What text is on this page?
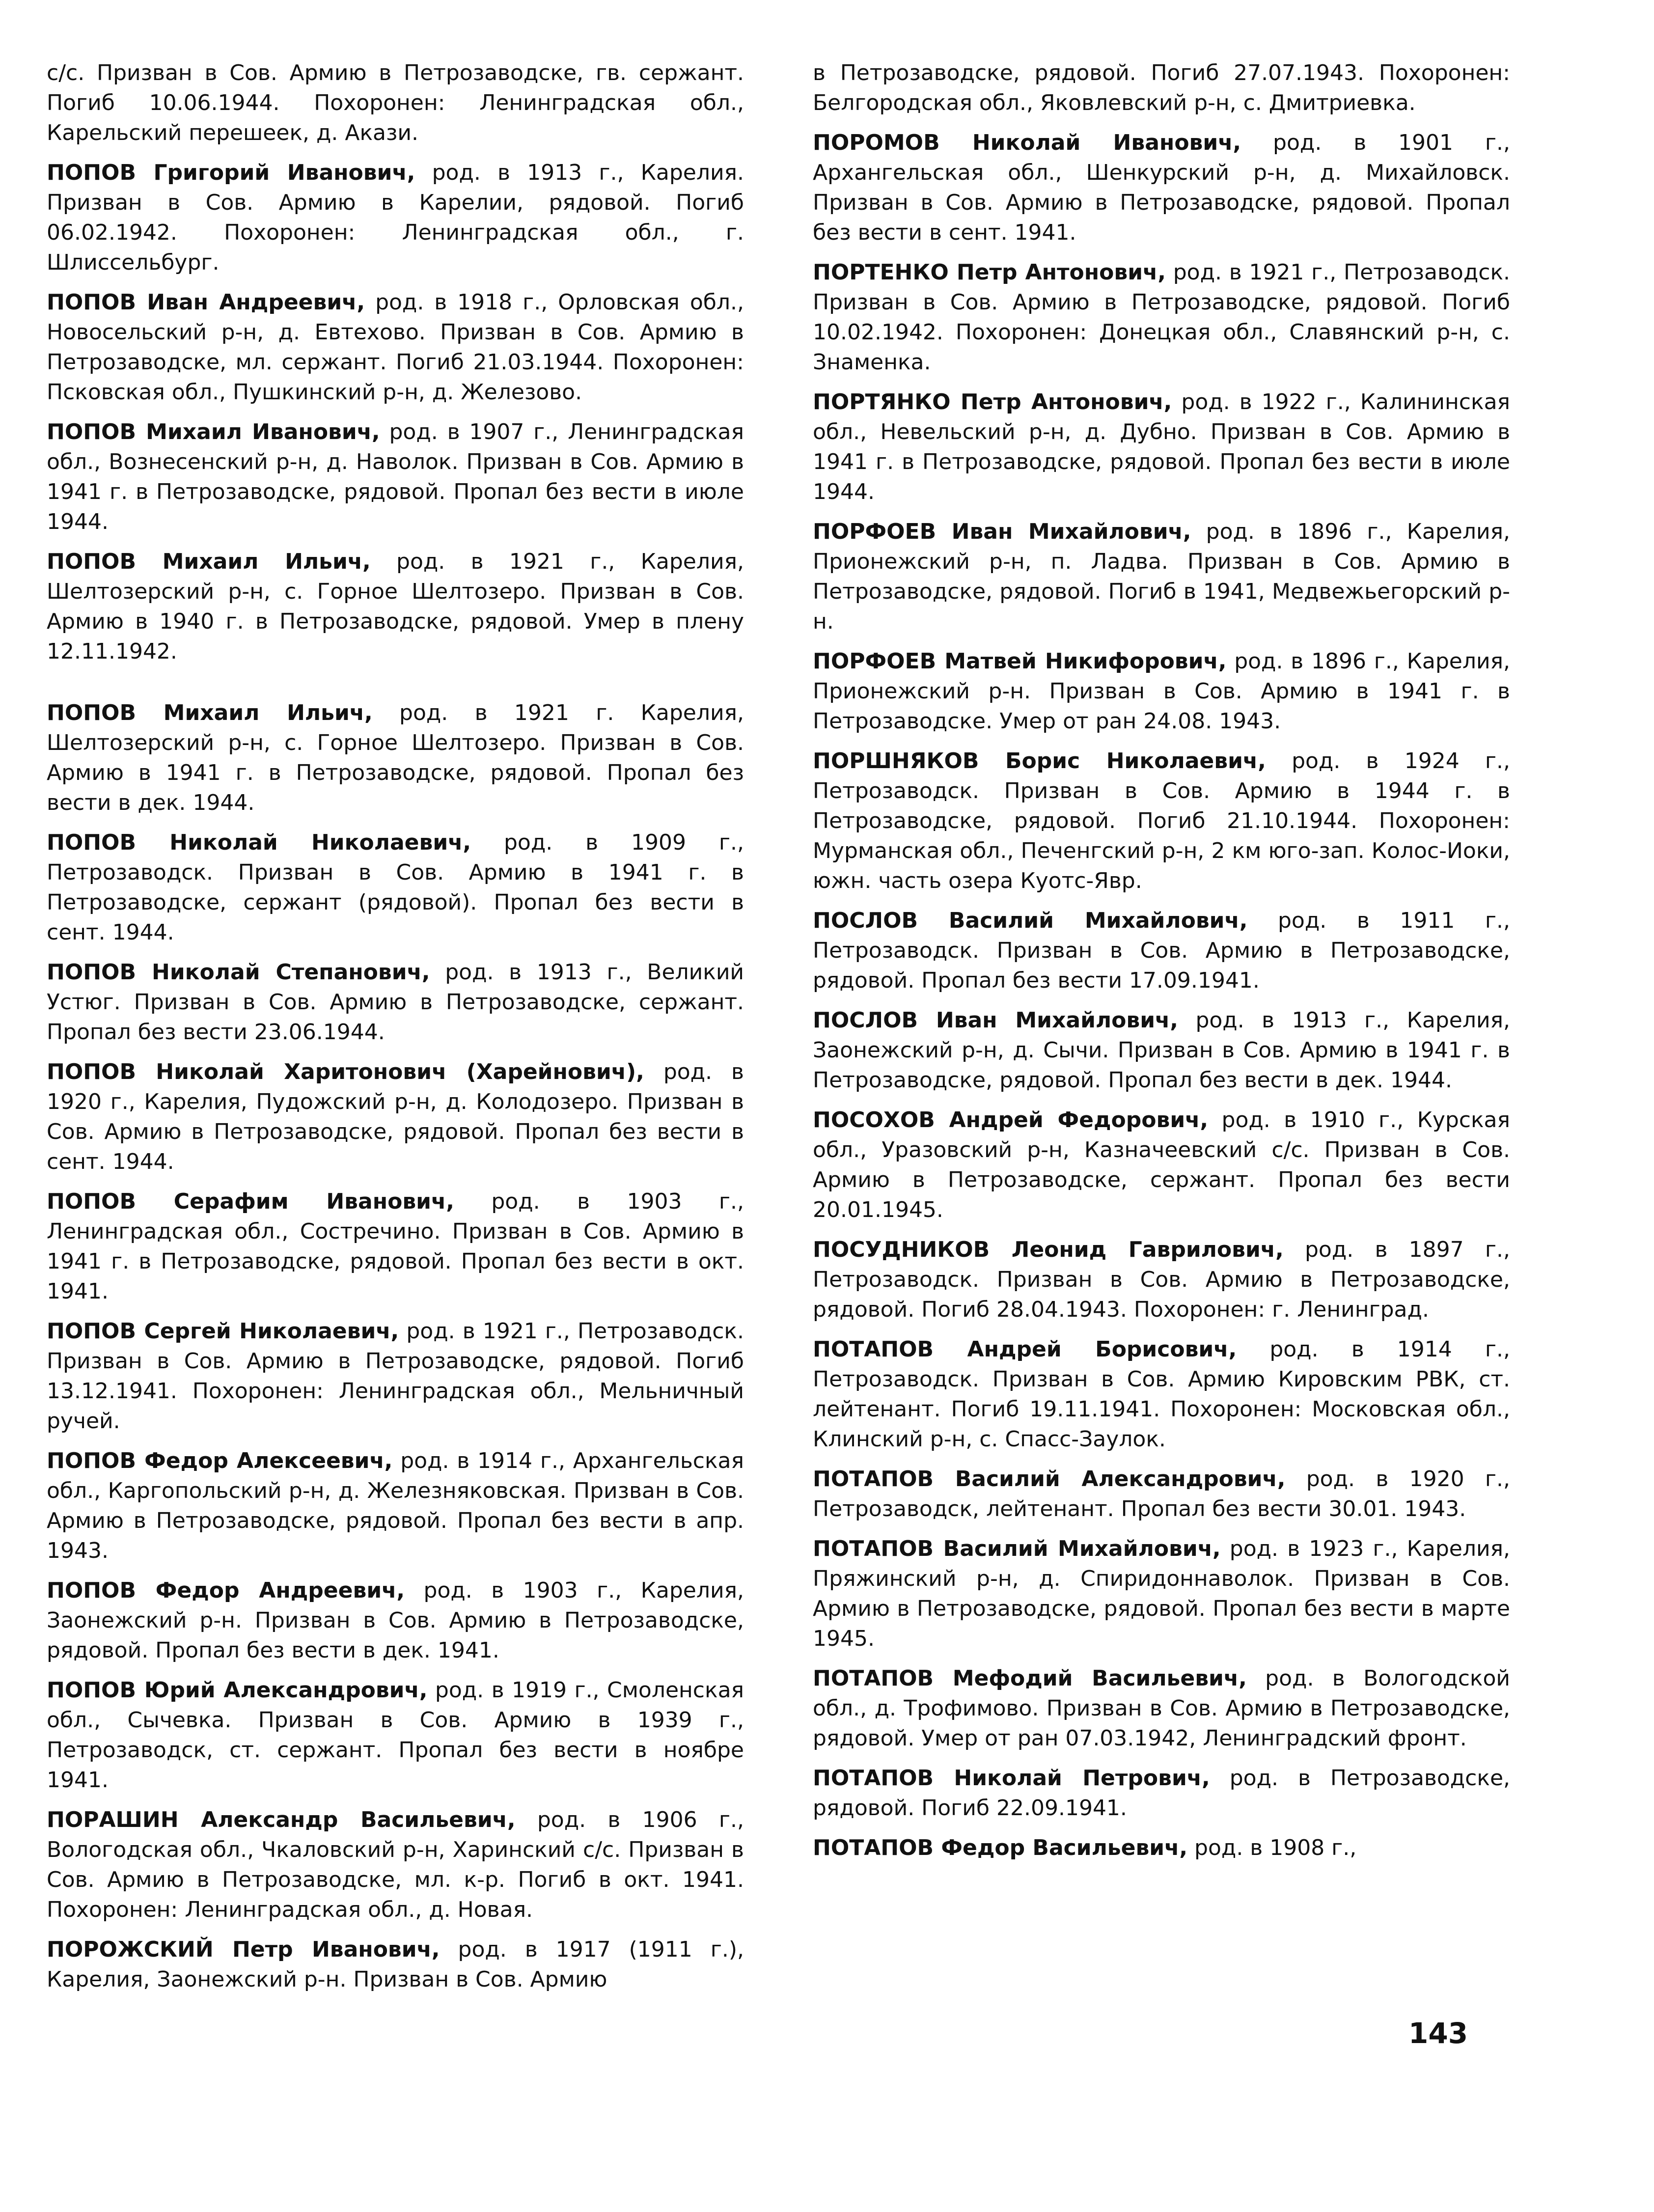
с/с. Призван в Сов. Армию в Петрозаводске, гв. сержант. Погиб 10.06.1944. Похоронен: Ленинградская обл., Карельский перешеек, д. Акази.

ПОПОВ Григорий Иванович, род. в 1913 г., Карелия. Призван в Сов. Армию в Карелии, рядовой. Погиб 06.02.1942. Похоронен: Ленинградская обл., г. Шлиссельбург.

ПОПОВ Иван Андреевич, род. в 1918 г., Орловская обл., Новосельский р-н, д. Евтехово. Призван в Сов. Армию в Петрозаводске, мл. сержант. Погиб 21.03.1944. Похоронен: Псковская обл., Пушкинский р-н, д. Железово.

ПОПОВ Михаил Иванович, род. в 1907 г., Ленинградская обл., Вознесенский р-н, д. Наволок. Призван в Сов. Армию в 1941 г. в Петрозаводске, рядовой. Пропал без вести в июле 1944.

ПОПОВ Михаил Ильич, род. в 1921 г., Карелия, Шелтозерский р-н, с. Горное Шелтозеро. Призван в Сов. Армию в 1940 г. в Петрозаводске, рядовой. Умер в плену 12.11.1942.

ПОПОВ Михаил Ильич, род. в 1921 г. Карелия, Шелтозерский р-н, с. Горное Шелтозеро. Призван в Сов. Армию в 1941 г. в Петрозаводске, рядовой. Пропал без вести в дек. 1944.

ПОПОВ Николай Николаевич, род. в 1909 г., Петрозаводск. Призван в Сов. Армию в 1941 г. в Петрозаводске, сержант (рядовой). Пропал без вести в сент. 1944.

ПОПОВ Николай Степанович, род. в 1913 г., Великий Устюг. Призван в Сов. Армию в Петрозаводске, сержант. Пропал без вести 23.06.1944.

ПОПОВ Николай Харитонович (Харейнович), род. в 1920 г., Карелия, Пудожский р-н, д. Колодозеро. Призван в Сов. Армию в Петрозаводске, рядовой. Пропал без вести в сент. 1944.

ПОПОВ Серафим Иванович, род. в 1903 г., Ленинградская обл., Состречино. Призван в Сов. Армию в 1941 г. в Петрозаводске, рядовой. Пропал без вести в окт. 1941.

ПОПОВ Сергей Николаевич, род. в 1921 г., Петрозаводск. Призван в Сов. Армию в Петрозаводске, рядовой. Погиб 13.12.1941. Похоронен: Ленинградская обл., Мельничный ручей.

ПОПОВ Федор Алексеевич, род. в 1914 г., Архангельская обл., Каргопольский р-н, д. Железняковская. Призван в Сов. Армию в Петрозаводске, рядовой. Пропал без вести в апр. 1943.

ПОПОВ Федор Андреевич, род. в 1903 г., Карелия, Заонежский р-н. Призван в Сов. Армию в Петрозаводске, рядовой. Пропал без вести в дек. 1941.

ПОПОВ Юрий Александрович, род. в 1919 г., Смоленская обл., Сычевка. Призван в Сов. Армию в 1939 г., Петрозаводск, ст. сержант. Пропал без вести в ноябре 1941.

ПОРАШИН Александр Васильевич, род. в 1906 г., Вологодская обл., Чкаловский р-н, Харинский с/с. Призван в Сов. Армию в Петрозаводске, мл. к-р. Погиб в окт. 1941. Похоронен: Ленинградская обл., д. Новая.

ПОРОЖСКИЙ Петр Иванович, род. в 1917 (1911 г.), Карелия, Заонежский р-н. Призван в Сов. Армию

в Петрозаводске, рядовой. Погиб 27.07.1943. Похоронен: Белгородская обл., Яковлевский р-н, с. Дмитриевка.

ПОРОМОВ Николай Иванович, род. в 1901 г., Архангельская обл., Шенкурский р-н, д. Михайловск. Призван в Сов. Армию в Петрозаводске, рядовой. Пропал без вести в сент. 1941.

ПОРТЕНКО Петр Антонович, род. в 1921 г., Петрозаводск. Призван в Сов. Армию в Петрозаводске, рядовой. Погиб 10.02.1942. Похоронен: Донецкая обл., Славянский р-н, с. Знаменка.

ПОРТЯНКО Петр Антонович, род. в 1922 г., Калининская обл., Невельский р-н, д. Дубно. Призван в Сов. Армию в 1941 г. в Петрозаводске, рядовой. Пропал без вести в июле 1944.

ПОРФОЕВ Иван Михайлович, род. в 1896 г., Карелия, Прионежский р-н, п. Ладва. Призван в Сов. Армию в Петрозаводске, рядовой. Погиб в 1941, Медвежьегорский р-н.

ПОРФОЕВ Матвей Никифорович, род. в 1896 г., Карелия, Прионежский р-н. Призван в Сов. Армию в 1941 г. в Петрозаводске. Умер от ран 24.08. 1943.

ПОРШНЯКОВ Борис Николаевич, род. в 1924 г., Петрозаводск. Призван в Сов. Армию в 1944 г. в Петрозаводске, рядовой. Погиб 21.10.1944. Похоронен: Мурманская обл., Печенгский р-н, 2 км юго-зап. Колос-Иоки, южн. часть озера Куотс-Явр.

ПОСЛОВ Василий Михайлович, род. в 1911 г., Петрозаводск. Призван в Сов. Армию в Петрозаводске, рядовой. Пропал без вести 17.09.1941.

ПОСЛОВ Иван Михайлович, род. в 1913 г., Карелия, Заонежский р-н, д. Сычи. Призван в Сов. Армию в 1941 г. в Петрозаводске, рядовой. Пропал без вести в дек. 1944.

ПОСОХОВ Андрей Федорович, род. в 1910 г., Курская обл., Уразовский р-н, Казначеевский с/с. Призван в Сов. Армию в Петрозаводске, сержант. Пропал без вести 20.01.1945.

ПОСУДНИКОВ Леонид Гаврилович, род. в 1897 г., Петрозаводск. Призван в Сов. Армию в Петрозаводске, рядовой. Погиб 28.04.1943. Похоронен: г. Ленинград.

ПОТАПОВ Андрей Борисович, род. в 1914 г., Петрозаводск. Призван в Сов. Армию Кировским РВК, ст. лейтенант. Погиб 19.11.1941. Похоронен: Московская обл., Клинский р-н, с. Спасс-Заулок.

ПОТАПОВ Василий Александрович, род. в 1920 г., Петрозаводск, лейтенант. Пропал без вести 30.01. 1943.

ПОТАПОВ Василий Михайлович, род. в 1923 г., Карелия, Пряжинский р-н, д. Спиридоннаволок. Призван в Сов. Армию в Петрозаводске, рядовой. Пропал без вести в марте 1945.

ПОТАПОВ Мефодий Васильевич, род. в Вологодской обл., д. Трофимово. Призван в Сов. Армию в Петрозаводске, рядовой. Умер от ран 07.03.1942, Ленинградский фронт.

ПОТАПОВ Николай Петрович, род. в Петрозаводске, рядовой. Погиб 22.09.1941.

ПОТАПОВ Федор Васильевич, род. в 1908 г.,

143
